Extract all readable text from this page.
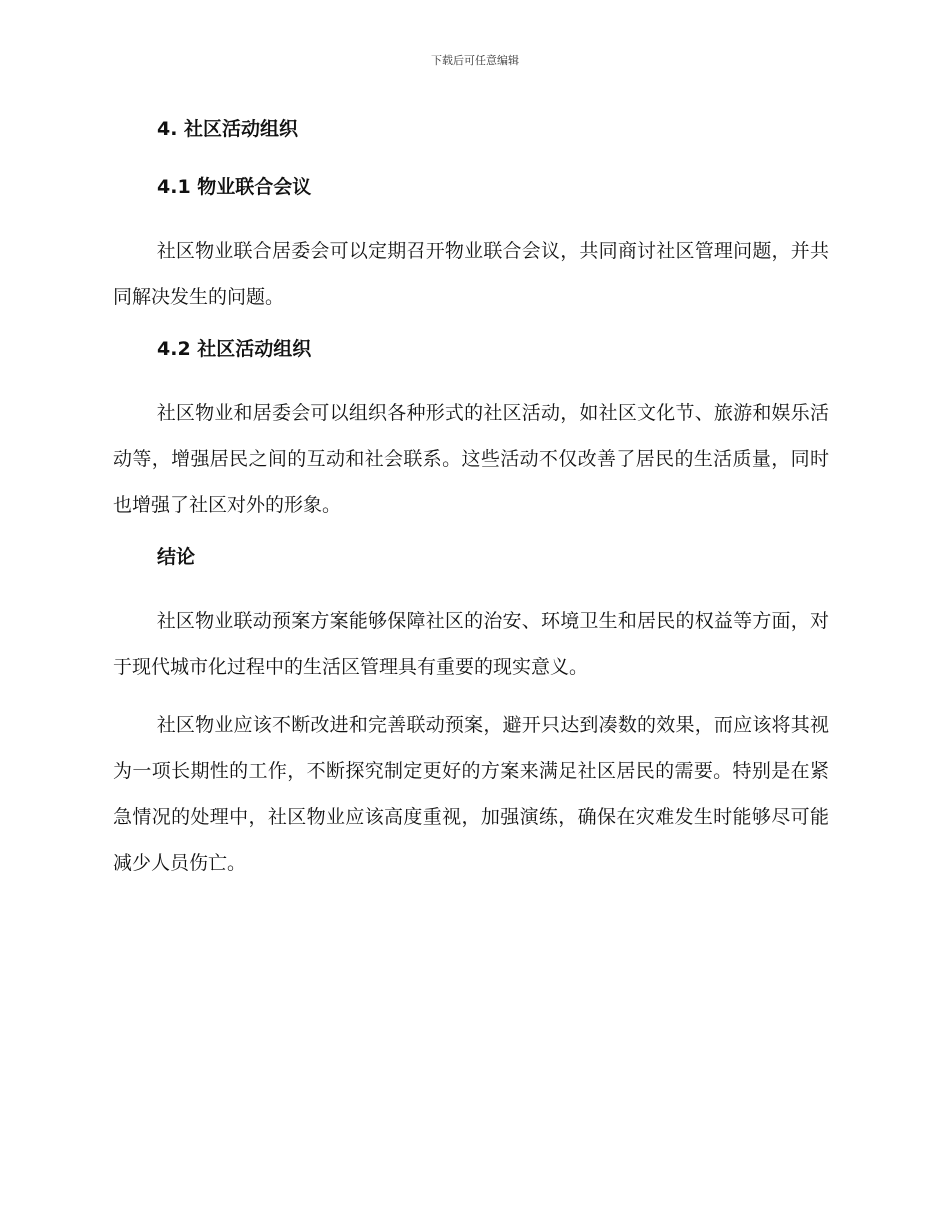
下载后可任意编辑
4. 社区活动组织
4.1 物业联合会议

社区物业联合居委会可以定期召开物业联合会议，共同商讨社区管理问题，并共同解决发生的问题。

4.2 社区活动组织

社区物业和居委会可以组织各种形式的社区活动，如社区文化节、旅游和娱乐活动等，增强居民之间的互动和社会联系。这些活动不仅改善了居民的生活质量，同时也增强了社区对外的形象。

结论

社区物业联动预案方案能够保障社区的治安、环境卫生和居民的权益等方面，对于现代城市化过程中的生活区管理具有重要的现实意义。

社区物业应该不断改进和完善联动预案，避开只达到凑数的效果，而应该将其视为一项长期性的工作，不断探究制定更好的方案来满足社区居民的需要。特别是在紧急情况的处理中，社区物业应该高度重视，加强演练，确保在灾难发生时能够尽可能减少人员伤亡。
